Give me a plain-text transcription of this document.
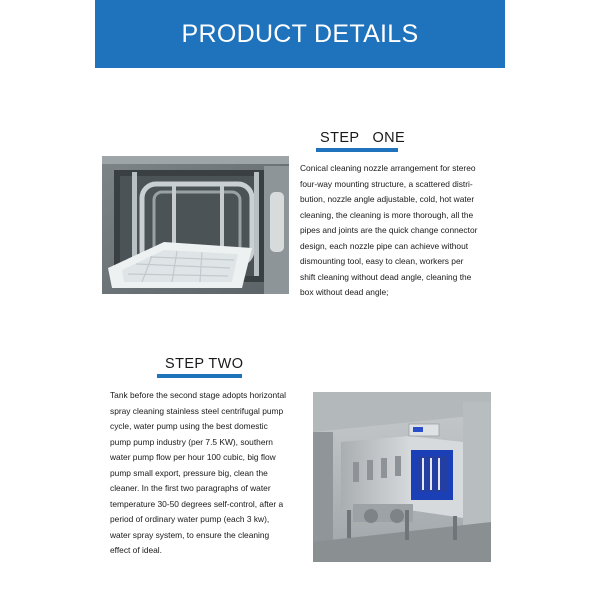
PRODUCT DETAILS
STEP   ONE
Conical cleaning nozzle arrangement for stereo
four-way mounting structure, a scattered distri-
bution, nozzle angle adjustable, cold, hot water
cleaning, the cleaning is more thorough, all the
pipes and joints are the quick change connector
design, each nozzle pipe can achieve without
dismounting tool, easy to clean, workers per
shift cleaning without dead angle, cleaning the
box without dead angle;
STEP TWO
Tank before the second stage adopts horizontal
spray cleaning stainless steel centrifugal pump
cycle, water pump using the best domestic
pump pump industry (per 7.5 KW), southern
water pump flow per hour 100 cubic, big flow
pump small export, pressure big, clean the
cleaner. In the first two paragraphs of water
temperature 30-50 degrees self-control, after a
period of ordinary water pump (each 3 kw),
water spray system, to ensure the cleaning
effect of ideal.
